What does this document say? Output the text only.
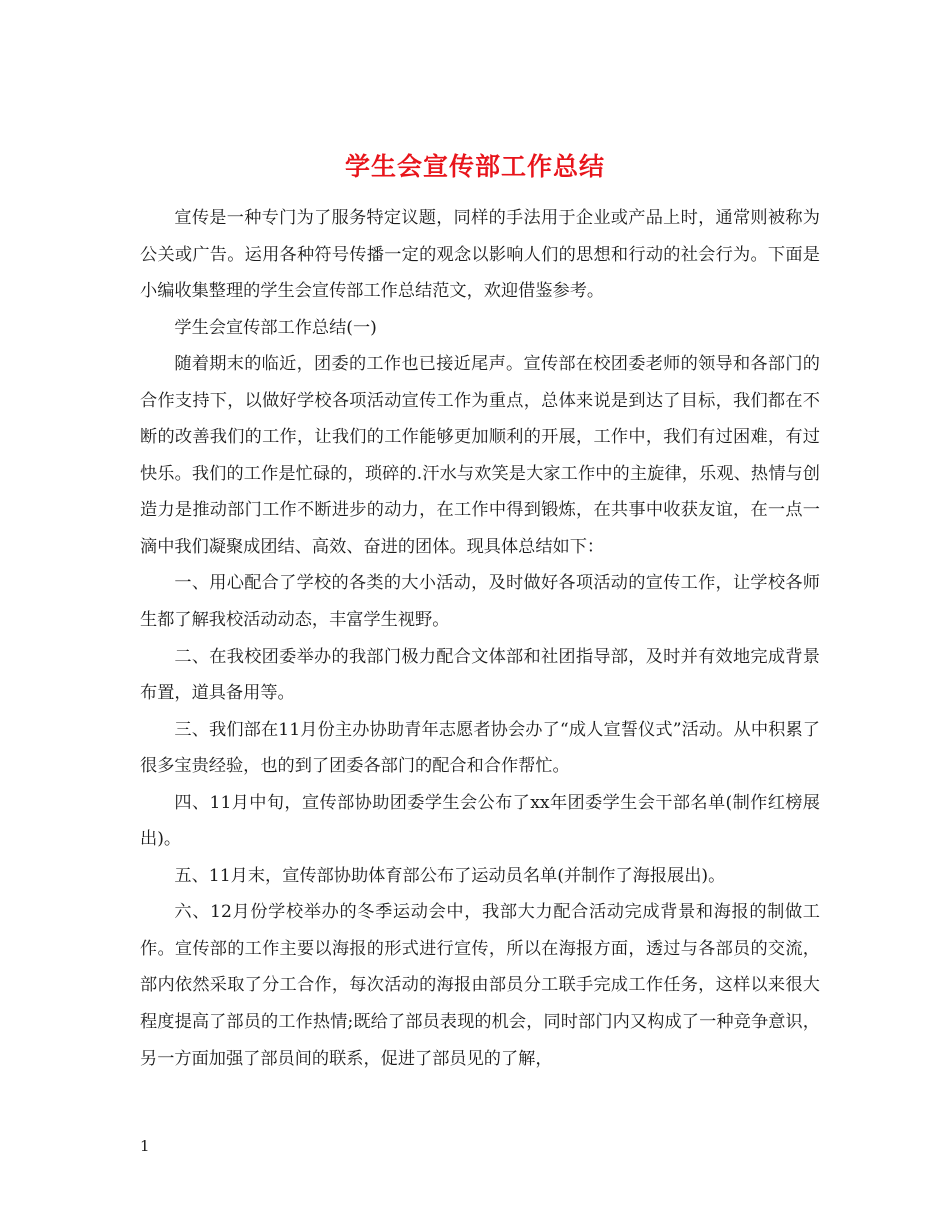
学生会宣传部工作总结

宣传是一种专门为了服务特定议题，同样的手法用于企业或产品上时，通常则被称为公关或广告。运用各种符号传播一定的观念以影响人们的思想和行动的社会行为。下面是小编收集整理的学生会宣传部工作总结范文，欢迎借鉴参考。

学生会宣传部工作总结(一)

随着期末的临近，团委的工作也已接近尾声。宣传部在校团委老师的领导和各部门的合作支持下，以做好学校各项活动宣传工作为重点，总体来说是到达了目标，我们都在不断的改善我们的工作，让我们的工作能够更加顺利的开展，工作中，我们有过困难，有过快乐。我们的工作是忙碌的，琐碎的.汗水与欢笑是大家工作中的主旋律，乐观、热情与创造力是推动部门工作不断进步的动力，在工作中得到锻炼，在共事中收获友谊，在一点一滴中我们凝聚成团结、高效、奋进的团体。现具体总结如下：

一、用心配合了学校的各类的大小活动，及时做好各项活动的宣传工作，让学校各师生都了解我校活动动态，丰富学生视野。

二、在我校团委举办的我部门极力配合文体部和社团指导部，及时并有效地完成背景布置，道具备用等。

三、我们部在11月份主办协助青年志愿者协会办了“成人宣誓仪式”活动。从中积累了很多宝贵经验，也的到了团委各部门的配合和合作帮忙。

四、11月中旬，宣传部协助团委学生会公布了xx年团委学生会干部名单(制作红榜展出)。

五、11月末，宣传部协助体育部公布了运动员名单(并制作了海报展出)。

六、12月份学校举办的冬季运动会中，我部大力配合活动完成背景和海报的制做工作。宣传部的工作主要以海报的形式进行宣传，所以在海报方面，透过与各部员的交流，部内依然采取了分工合作，每次活动的海报由部员分工联手完成工作任务，这样以来很大程度提高了部员的工作热情;既给了部员表现的机会，同时部门内又构成了一种竞争意识，另一方面加强了部员间的联系，促进了部员见的了解，

1
